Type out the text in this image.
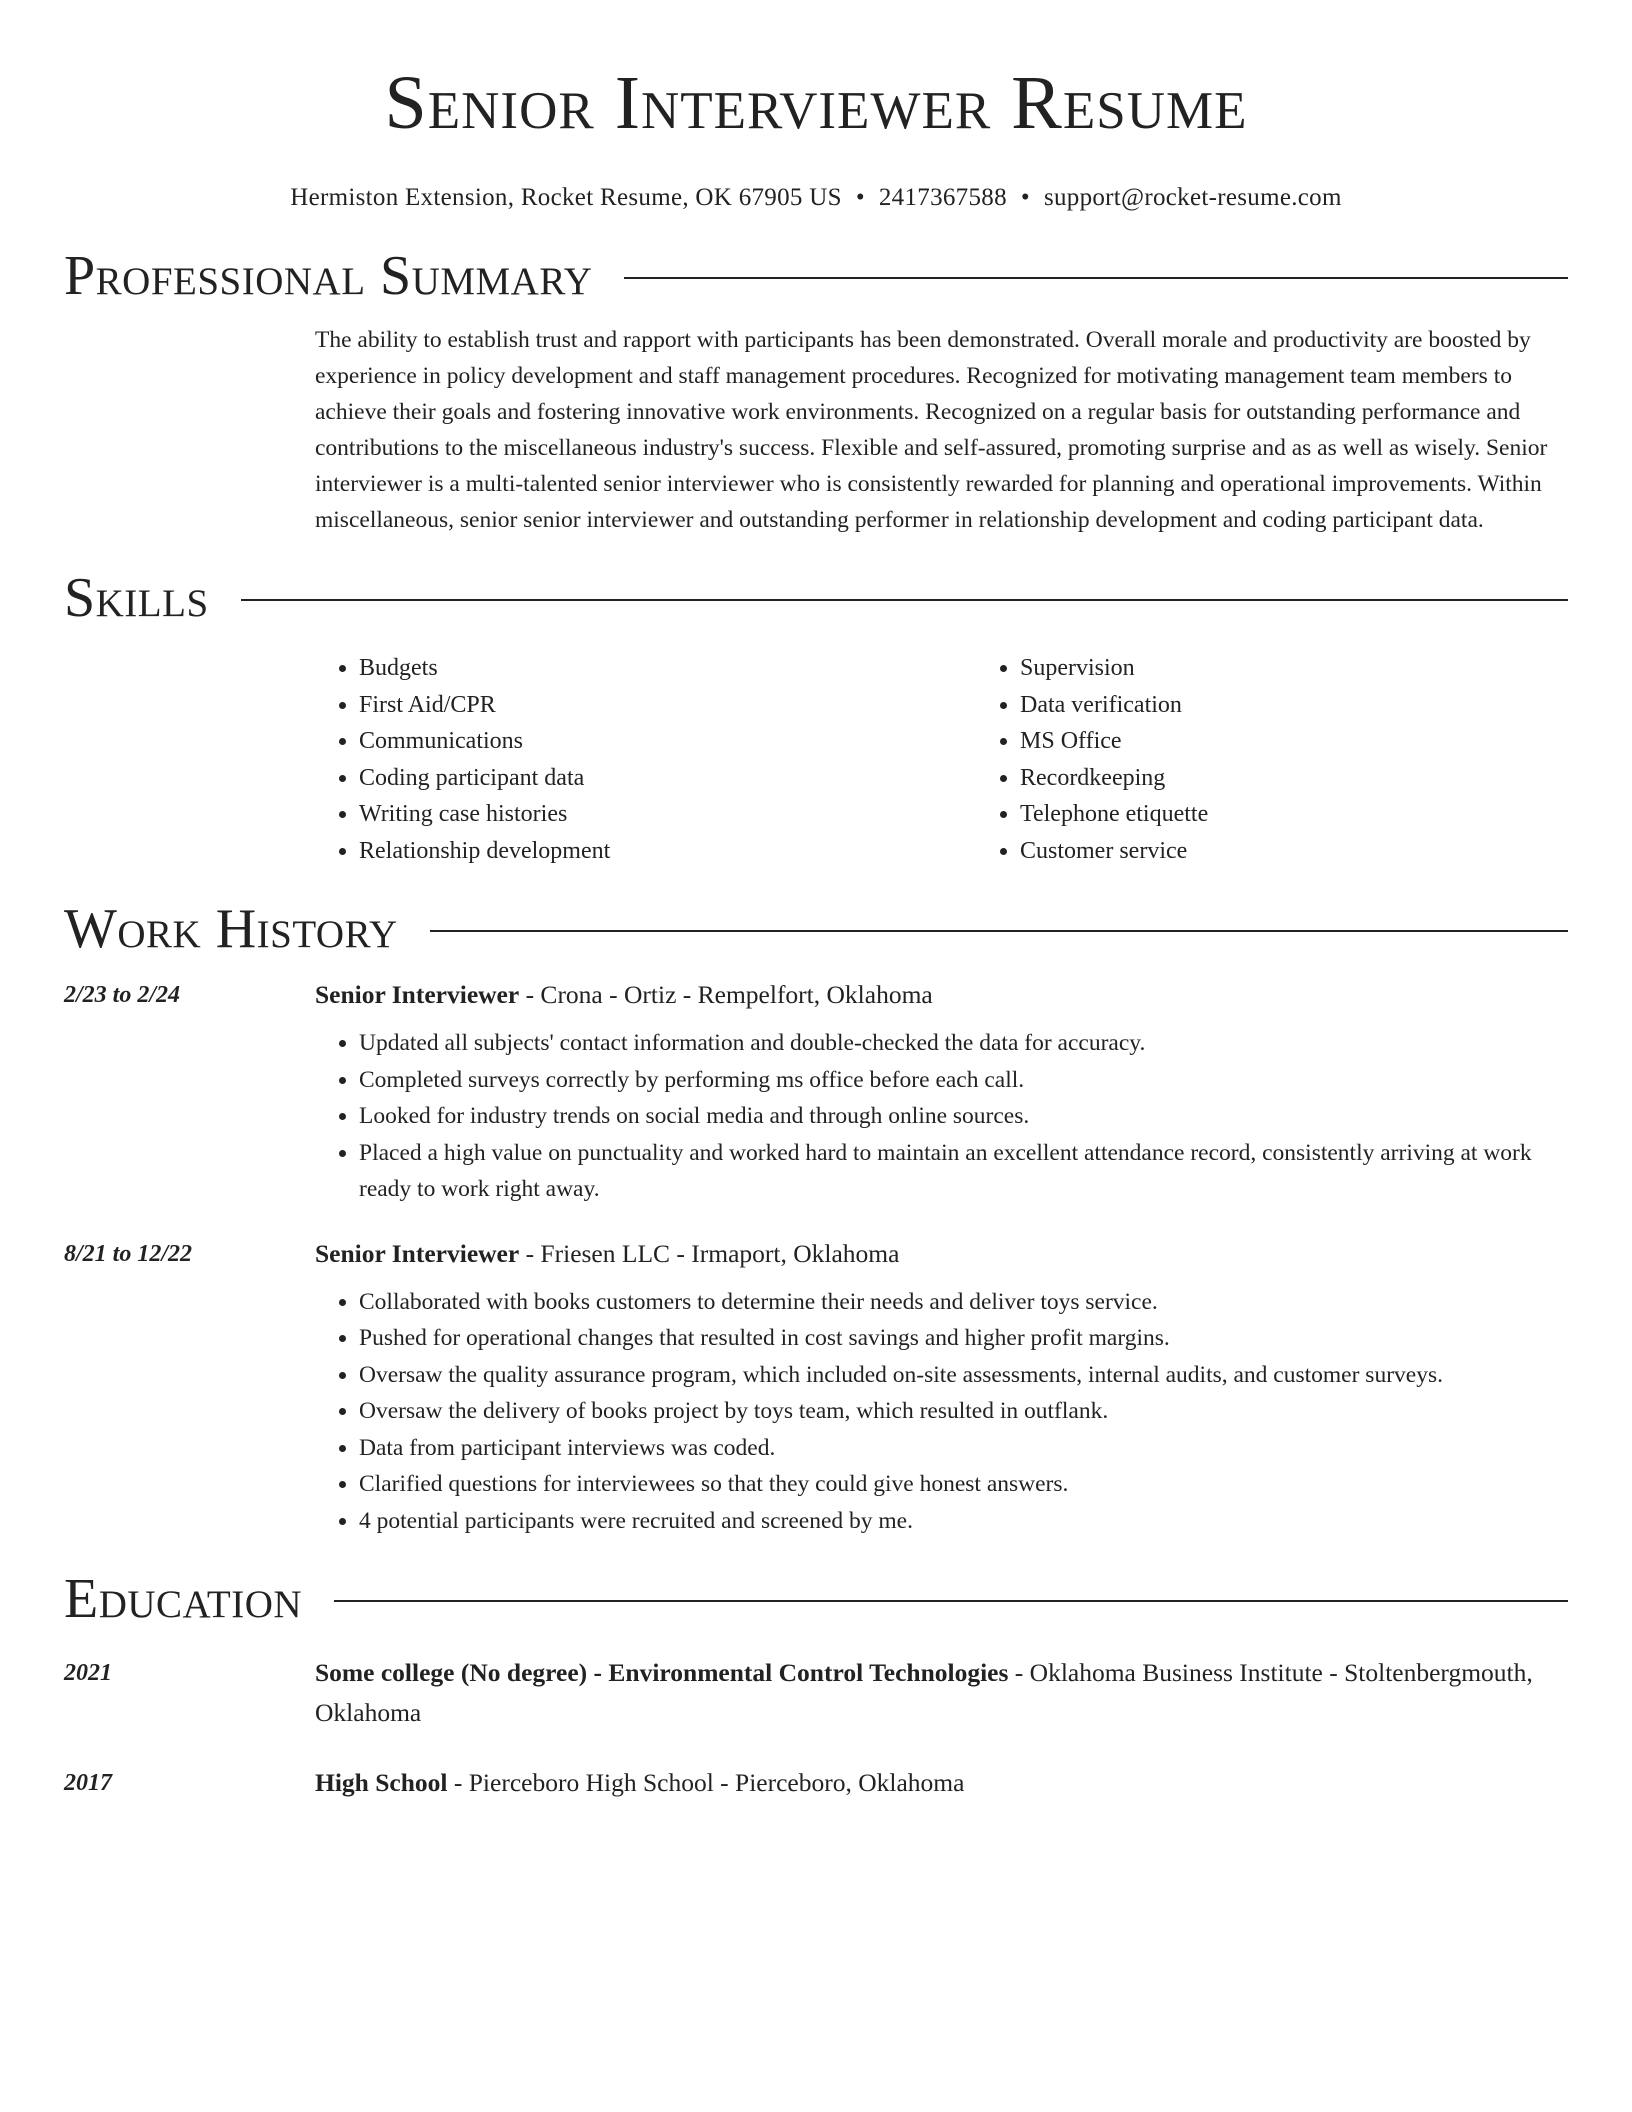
Senior Interviewer Resume
Hermiston Extension, Rocket Resume, OK 67905 US • 2417367588 • support@rocket-resume.com
Professional Summary

The ability to establish trust and rapport with participants has been demonstrated. Overall morale and productivity are boosted by experience in policy development and staff management procedures. Recognized for motivating management team members to achieve their goals and fostering innovative work environments. Recognized on a regular basis for outstanding performance and contributions to the miscellaneous industry's success. Flexible and self-assured, promoting surprise and as as well as wisely. Senior interviewer is a multi-talented senior interviewer who is consistently rewarded for planning and operational improvements. Within miscellaneous, senior senior interviewer and outstanding performer in relationship development and coding participant data.

Skills
• Budgets
• First Aid/CPR
• Communications
• Coding participant data
• Writing case histories
• Relationship development
• Supervision
• Data verification
• MS Office
• Recordkeeping
• Telephone etiquette
• Customer service
Work History
2/23 to 2/24	Senior Interviewer - Crona - Ortiz - Rempelfort, Oklahoma
• Updated all subjects' contact information and double-checked the data for accuracy.
• Completed surveys correctly by performing ms office before each call.
• Looked for industry trends on social media and through online sources.
• Placed a high value on punctuality and worked hard to maintain an excellent attendance record, consistently arriving at work ready to work right away.
8/21 to 12/22	Senior Interviewer - Friesen LLC - Irmaport, Oklahoma
• Collaborated with books customers to determine their needs and deliver toys service.
• Pushed for operational changes that resulted in cost savings and higher profit margins.
• Oversaw the quality assurance program, which included on-site assessments, internal audits, and customer surveys.
• Oversaw the delivery of books project by toys team, which resulted in outflank.
• Data from participant interviews was coded.
• Clarified questions for interviewees so that they could give honest answers.
• 4 potential participants were recruited and screened by me.
Education
2021	Some college (No degree) - Environmental Control Technologies - Oklahoma Business Institute - Stoltenbergmouth, Oklahoma
2017	High School - Pierceboro High School - Pierceboro, Oklahoma
